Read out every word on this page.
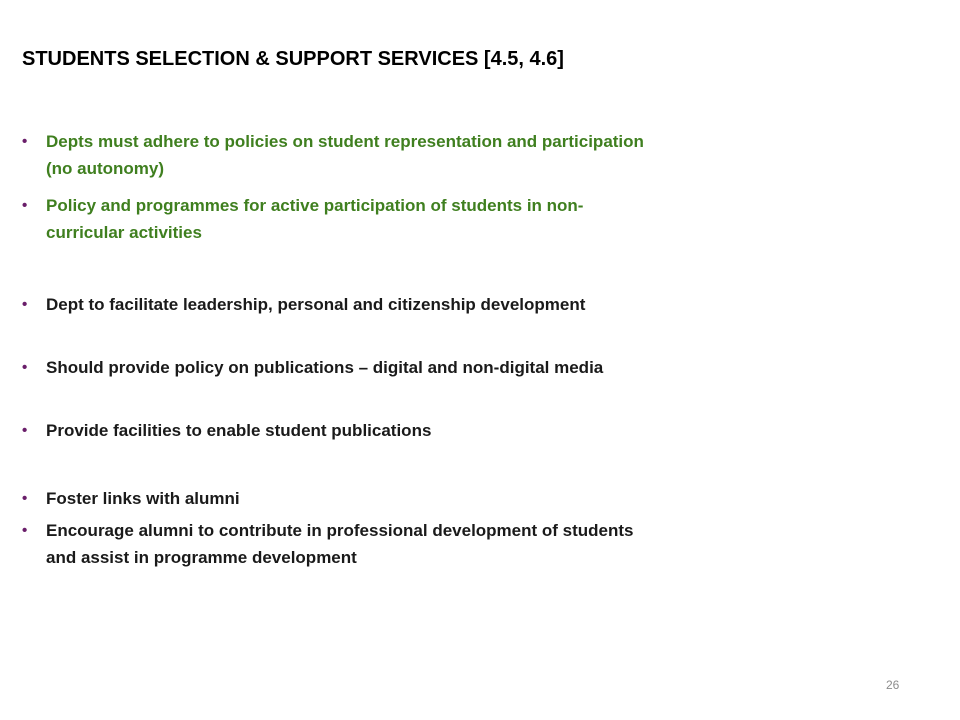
STUDENTS SELECTION & SUPPORT SERVICES [4.5, 4.6]
•	Depts must adhere to policies on student representation and participation (no autonomy)
•	Policy and programmes for active participation of students in non-curricular activities
•	Dept to facilitate leadership, personal and citizenship development
•	Should provide policy on publications – digital and non-digital media
•	Provide facilities to enable student publications
•	Foster links with alumni
•	Encourage alumni to contribute in professional development of students and assist in programme development
26
